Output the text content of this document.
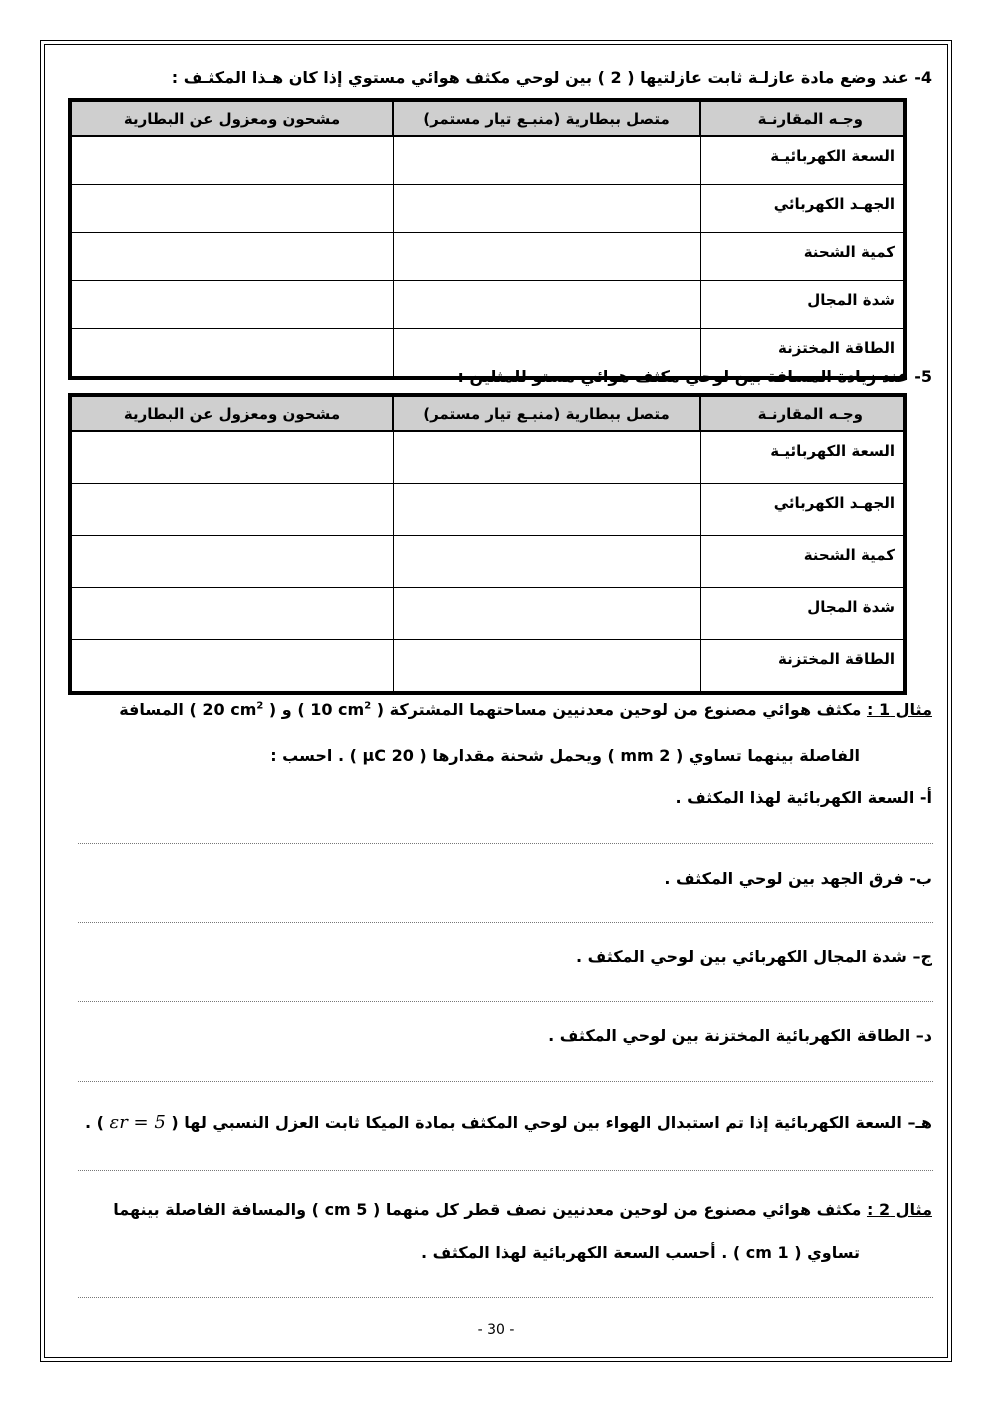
4- عند وضع مادة عازلـة ثابت عازلتيها ( 2 ) بين لوحي مكثف هوائي مستوي إذا كان هـذا المكثـف :
وجـه المقارنـة	متصل ببطارية (منبـع تيار مستمر)	مشحون ومعزول عن البطارية
السعة الكهربائيـة		
الجهـد الكهربائي		
كمية الشحنة		
شدة المجال		
الطاقة المختزنة		
5- عند زيادة المسافة بين لوحي مكثف هوائي مستو للمثلين :
وجـه المقارنـة	متصل ببطارية (منبـع تيار مستمر)	مشحون ومعزول عن البطارية
السعة الكهربائيـة		
الجهـد الكهربائي		
كمية الشحنة		
شدة المجال		
الطاقة المختزنة		
مثال 1 : مكثف هوائي مصنوع من لوحين معدنيين مساحتهما المشتركة ( 10 $cm^2$ ) و ( 20 $cm^2$ ) المسافة
الفاصلة بينهما تساوي ( 2 mm ) ويحمل شحنة مقدارها ( 20 μC ) . احسب :
أ- السعة الكهربائية لهذا المكثف .
ب- فرق الجهد بين لوحي المكثف .
ج– شدة المجال الكهربائي بين لوحي المكثف .
د– الطاقة الكهربائية المختزنة بين لوحي المكثف .
هـ– السعة الكهربائية إذا تم استبدال الهواء بين لوحي المكثف بمادة الميكا ثابت العزل النسبي لها ( εr = 5 ) .
مثال 2 : مكثف هوائي مصنوع من لوحين معدنيين نصف قطر كل منهما ( 5 cm ) والمسافة الفاصلة بينهما
تساوي ( 1 cm ) . أحسب السعة الكهربائية لهذا المكثف .
- 30 -
